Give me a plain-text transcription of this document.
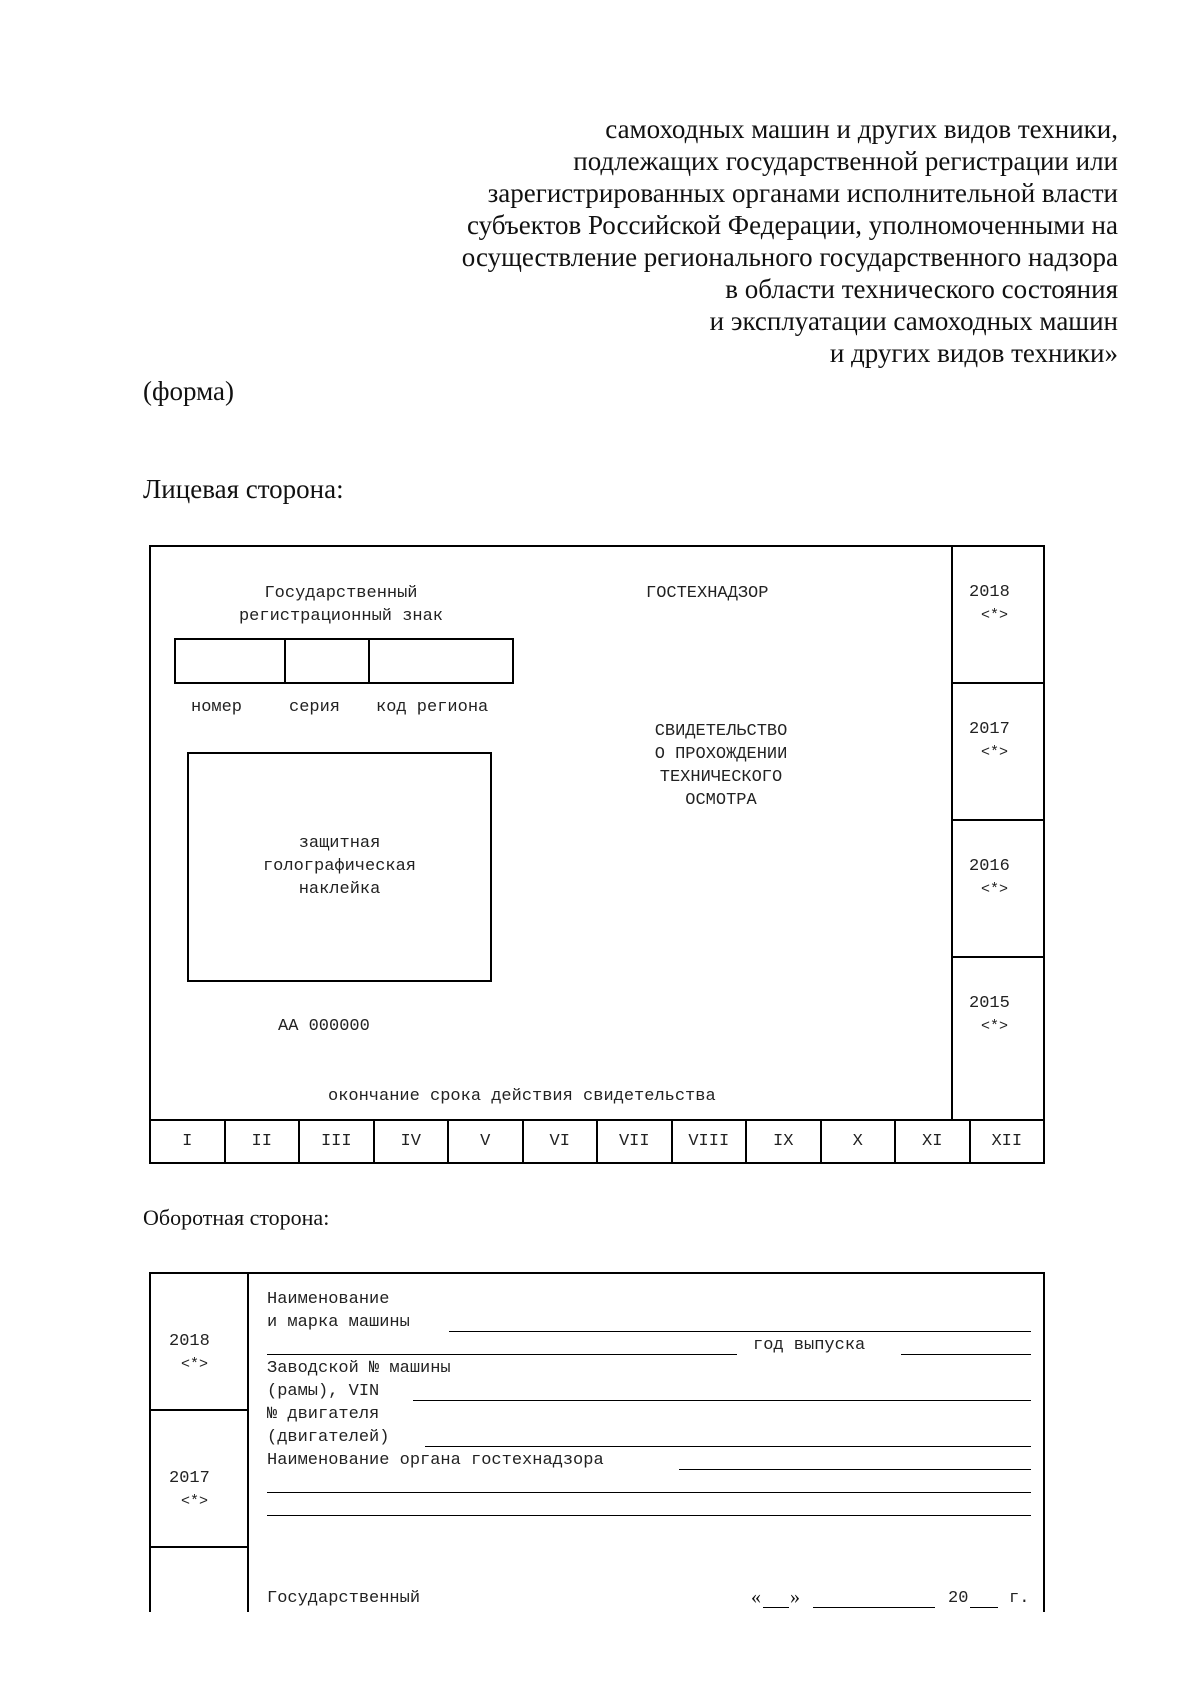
самоходных машин и других видов техники,
подлежащих государственной регистрации или
зарегистрированных органами исполнительной власти
субъектов Российской Федерации, уполномоченными на
осуществление регионального государственного надзора
в области технического состояния
и эксплуатации самоходных машин
и других видов техники»
(форма)
Лицевая сторона:
Государственный
регистрационный знак
ГОСТЕХНАДЗОР
номер	серия код региона
СВИДЕТЕЛЬСТВО
О ПРОХОЖДЕНИИ
ТЕХНИЧЕСКОГО
ОСМОТРА
защитная
голографическая
наклейка
АА 000000
окончание срока действия свидетельства
2018
<*>
2017
<*>
2016
<*>
2015
<*>
I	II	III	IV	V	VI	VII	VIII	IX	X	XI	XII
Оборотная сторона:
2018
<*>
2017
<*>
Наименование
и марка машины
год выпуска
Заводской № машины
(рамы), VIN
№ двигателя
(двигателей)
Наименование органа гостехнадзора
Государственный	« »	20 г.
